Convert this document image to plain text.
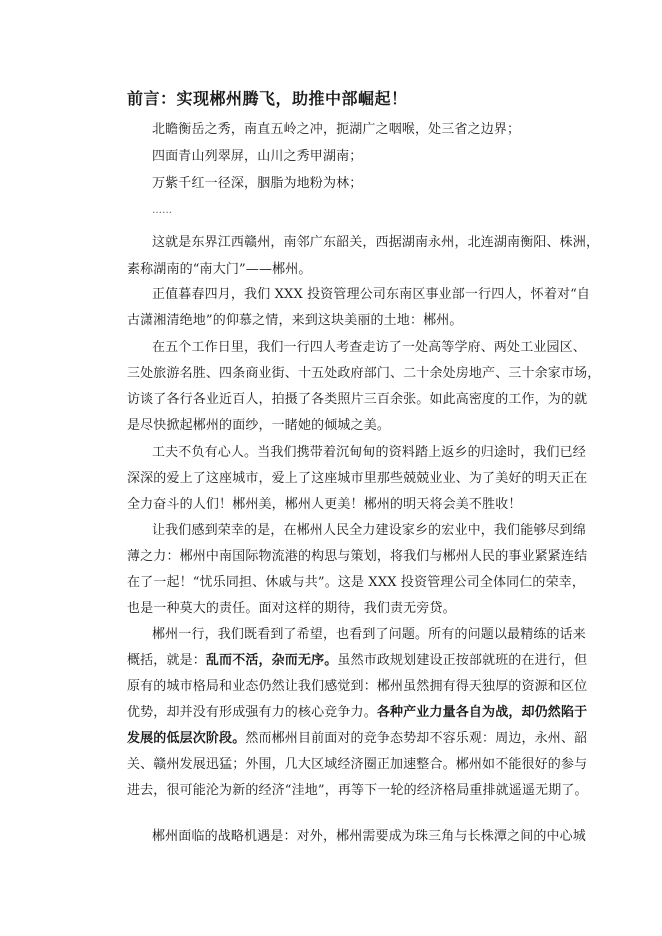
前言：实现郴州腾飞，助推中部崛起！
北瞻衡岳之秀，南直五岭之冲，扼湖广之咽喉，处三省之边界；
四面青山列翠屏，山川之秀甲湖南；
万紫千红一径深，胭脂为地粉为林；
……
这就是东界江西赣州，南邻广东韶关，西据湖南永州，北连湖南衡阳、株洲，
素称湖南的“南大门”——郴州。
正值暮春四月，我们 XXX 投资管理公司东南区事业部一行四人，怀着对“自
古潇湘清绝地”的仰慕之情，来到这块美丽的土地：郴州。
在五个工作日里，我们一行四人考查走访了一处高等学府、两处工业园区、
三处旅游名胜、四条商业街、十五处政府部门、二十余处房地产、三十余家市场，
访谈了各行各业近百人，拍摄了各类照片三百余张。如此高密度的工作，为的就
是尽快掀起郴州的面纱，一睹她的倾城之美。
工夫不负有心人。当我们携带着沉甸甸的资料踏上返乡的归途时，我们已经
深深的爱上了这座城市，爱上了这座城市里那些兢兢业业、为了美好的明天正在
全力奋斗的人们！郴州美，郴州人更美！郴州的明天将会美不胜收！
让我们感到荣幸的是，在郴州人民全力建设家乡的宏业中，我们能够尽到绵
薄之力：郴州中南国际物流港的构思与策划，将我们与郴州人民的事业紧紧连结
在了一起！“忧乐同担、休戚与共”。这是 XXX 投资管理公司全体同仁的荣幸，
也是一种莫大的责任。面对这样的期待，我们责无旁贷。
郴州一行，我们既看到了希望，也看到了问题。所有的问题以最精练的话来
概括，就是：乱而不活，杂而无序。虽然市政规划建设正按部就班的在进行，但
原有的城市格局和业态仍然让我们感觉到：郴州虽然拥有得天独厚的资源和区位
优势，却并没有形成强有力的核心竞争力。各种产业力量各自为战，却仍然陷于
发展的低层次阶段。然而郴州目前面对的竞争态势却不容乐观：周边，永州、韶
关、赣州发展迅猛；外围，几大区域经济圈正加速整合。郴州如不能很好的参与
进去，很可能沦为新的经济“洼地”，再等下一轮的经济格局重排就遥遥无期了。
郴州面临的战略机遇是：对外，郴州需要成为珠三角与长株潭之间的中心城
